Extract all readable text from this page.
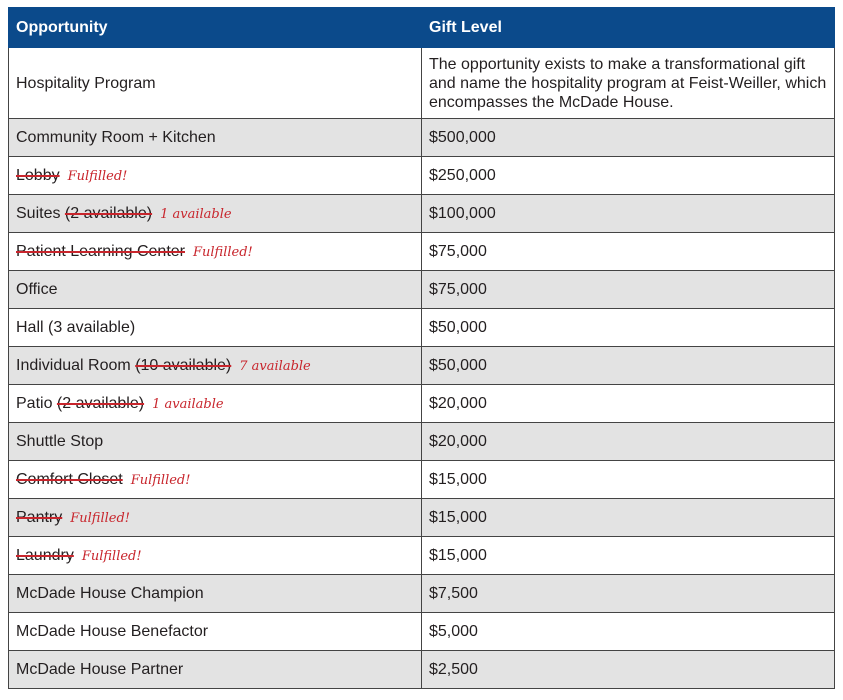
Opportunity	Gift Level
Hospitality Program	The opportunity exists to make a transformational gift and name the hospitality program at Feist-Weiller, which encompasses the McDade House.
Community Room + Kitchen	$500,000
Lobby Fulfilled!	$250,000
Suites (2 available) 1 available	$100,000
Patient Learning Center Fulfilled!	$75,000
Office	$75,000
Hall (3 available)	$50,000
Individual Room (10 available) 7 available	$50,000
Patio (2 available) 1 available	$20,000
Shuttle Stop	$20,000
Comfort Closet Fulfilled!	$15,000
Pantry Fulfilled!	$15,000
Laundry Fulfilled!	$15,000
McDade House Champion	$7,500
McDade House Benefactor	$5,000
McDade House Partner	$2,500
